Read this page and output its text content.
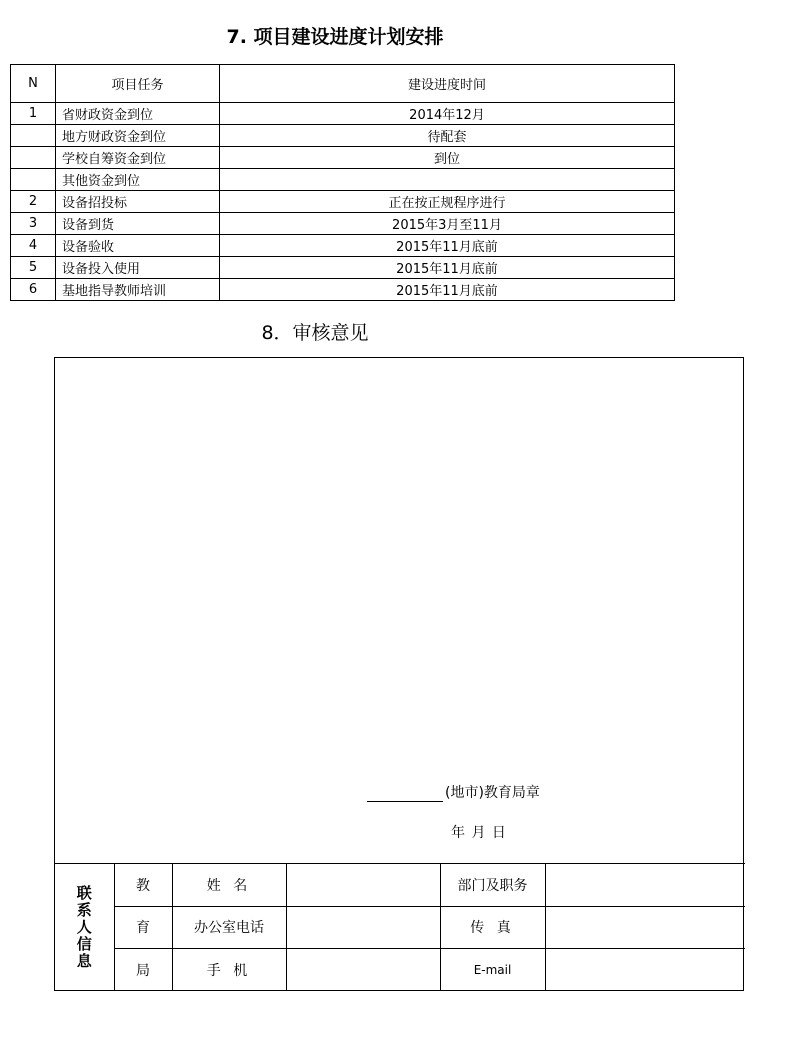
7. 项目建设进度计划安排
N	项目任务	建设进度时间
1	省财政资金到位	2014年12月
	地方财政资金到位	待配套
	学校自筹资金到位	到位
	其他资金到位	
2	设备招投标	正在按正规程序进行
3	设备到货	2015年3月至11月
4	设备验收	2015年11月底前
5	设备投入使用	2015年11月底前
6	基地指导教师培训	2015年11月底前
8．审核意见
(地市)教育局章
年 月 日
联系人信息	教	姓 名		部门及职务	
	育	办公室电话		传 真	
	局	手 机		E-mail	
